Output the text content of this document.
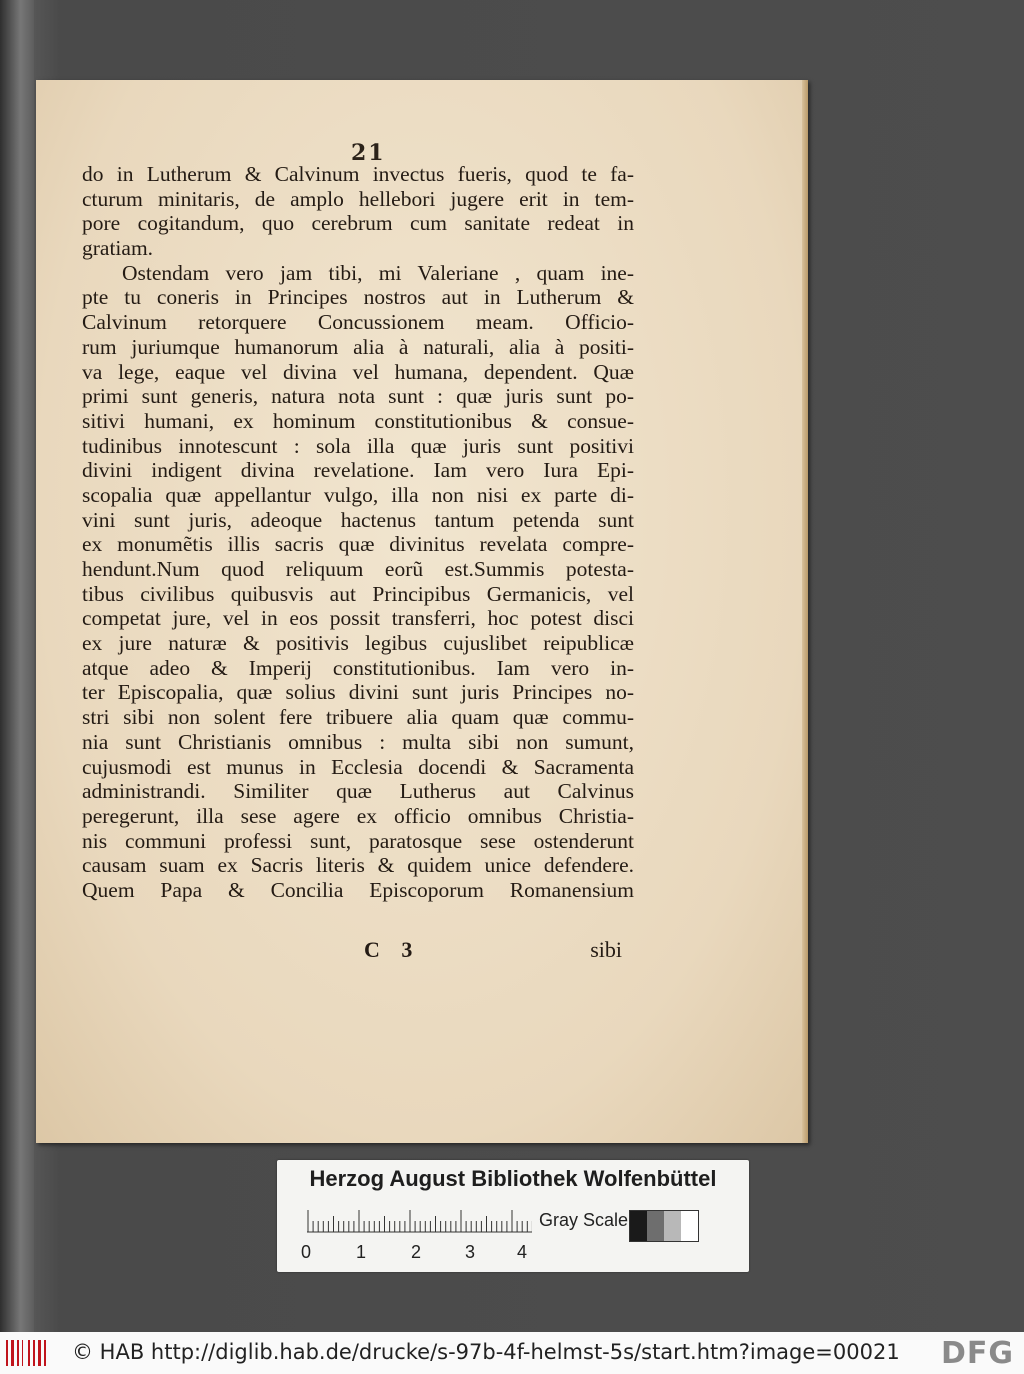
21
do in Lutherum & Calvinum invectus fueris, quod te fa-
cturum minitaris, de amplo hellebori jugere erit in tem-
pore cogitandum, quo cerebrum cum sanitate redeat in
gratiam.
Ostendam vero jam tibi, mi Valeriane , quam ine-
pte tu coneris in Principes nostros aut in Lutherum &
Calvinum retorquere Concussionem meam. Officio-
rum juriumque humanorum alia à naturali, alia à positi-
va lege, eaque vel divina vel humana, dependent. Quæ
primi sunt generis, natura nota sunt : quæ juris sunt po-
sitivi humani, ex hominum constitutionibus & consue-
tudinibus innotescunt : sola illa quæ juris sunt positivi
divini indigent divina revelatione. Iam vero Iura Epi-
scopalia quæ appellantur vulgo, illa non nisi ex parte di-
vini sunt juris, adeoque hactenus tantum petenda sunt
ex monumẽtis illis sacris quæ divinitus revelata compre-
hendunt.Num quod reliquum eorũ est.Summis potesta-
tibus civilibus quibusvis aut Principibus Germanicis, vel
competat jure, vel in eos possit transferri, hoc potest disci
ex jure naturæ & positivis legibus cujuslibet reipublicæ
atque adeo & Imperij constitutionibus. Iam vero in-
ter Episcopalia, quæ solius divini sunt juris Principes no-
stri sibi non solent fere tribuere alia quam quæ commu-
nia sunt Christianis omnibus : multa sibi non sumunt,
cujusmodi est munus in Ecclesia docendi & Sacramenta
administrandi. Similiter quæ Lutherus aut Calvinus
peregerunt, illa sese agere ex officio omnibus Christia-
nis communi professi sunt, paratosque sese ostenderunt
causam suam ex Sacris literis & quidem unice defendere.
Quem Papa & Concilia Episcoporum Romanensium
C 3	sibi
Herzog August Bibliothek Wolfenbüttel
Gray Scale
0 1 2 3 4
© HAB http://diglib.hab.de/drucke/s-97b-4f-helmst-5s/start.htm?image=00021 DFG
